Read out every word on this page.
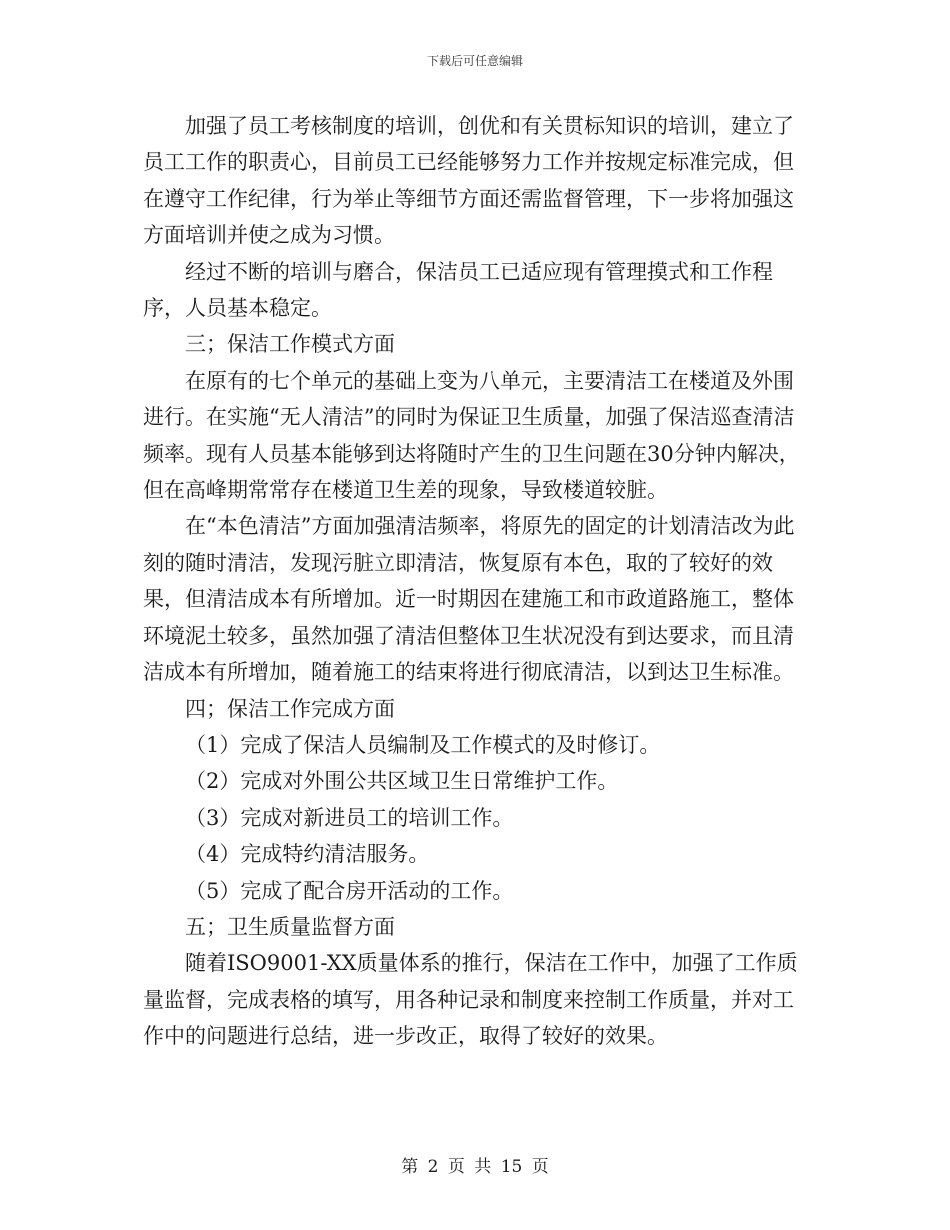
下载后可任意编辑

加强了员工考核制度的培训，创优和有关贯标知识的培训，建立了员工工作的职责心，目前员工已经能够努力工作并按规定标准完成，但在遵守工作纪律，行为举止等细节方面还需监督管理，下一步将加强这方面培训并使之成为习惯。

经过不断的培训与磨合，保洁员工已适应现有管理摸式和工作程序，人员基本稳定。

三；保洁工作模式方面

在原有的七个单元的基础上变为八单元，主要清洁工在楼道及外围进行。在实施“无人清洁”的同时为保证卫生质量，加强了保洁巡查清洁频率。现有人员基本能够到达将随时产生的卫生问题在30分钟内解决，但在高峰期常常存在楼道卫生差的现象，导致楼道较脏。

在“本色清洁”方面加强清洁频率，将原先的固定的计划清洁改为此刻的随时清洁，发现污脏立即清洁，恢复原有本色，取的了较好的效果，但清洁成本有所增加。近一时期因在建施工和市政道路施工，整体环境泥土较多，虽然加强了清洁但整体卫生状况没有到达要求，而且清洁成本有所增加，随着施工的结束将进行彻底清洁，以到达卫生标准。

四；保洁工作完成方面

（1）完成了保洁人员编制及工作模式的及时修订。

（2）完成对外围公共区域卫生日常维护工作。

（3）完成对新进员工的培训工作。

（4）完成特约清洁服务。

（5）完成了配合房开活动的工作。

五；卫生质量监督方面

随着ISO9001-XX质量体系的推行，保洁在工作中，加强了工作质量监督，完成表格的填写，用各种记录和制度来控制工作质量，并对工作中的问题进行总结，进一步改正，取得了较好的效果。

第 2 页 共 15 页
